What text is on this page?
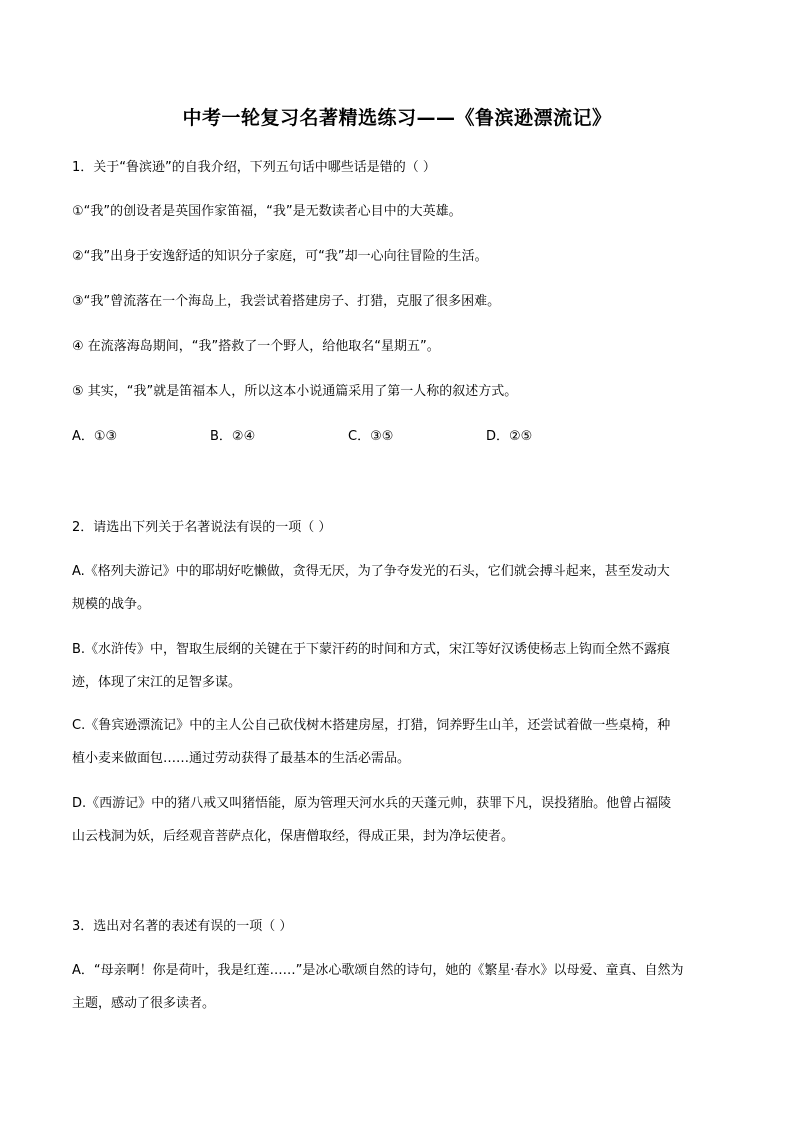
中考一轮复习名著精选练习——《鲁滨逊漂流记》
1．关于“鲁滨逊”的自我介绍，下列五句话中哪些话是错的（ ）
①“我”的创设者是英国作家笛福，“我”是无数读者心目中的大英雄。
②“我”出身于安逸舒适的知识分子家庭，可“我”却一心向往冒险的生活。
③“我”曾流落在一个海岛上，我尝试着搭建房子、打猎，克服了很多困难。
④ 在流落海岛期间，“我”搭救了一个野人，给他取名“星期五”。
⑤ 其实，“我”就是笛福本人，所以这本小说通篇采用了第一人称的叙述方式。
A．①③	B．②④	C．③⑤	D．②⑤
2．请选出下列关于名著说法有误的一项（ ）
A.《格列夫游记》中的耶胡好吃懒做，贪得无厌，为了争夺发光的石头，它们就会搏斗起来，甚至发动大
规模的战争。
B.《水浒传》中，智取生辰纲的关键在于下蒙汗药的时间和方式，宋江等好汉诱使杨志上钩而全然不露痕
迹，体现了宋江的足智多谋。
C.《鲁宾逊漂流记》中的主人公自己砍伐树木搭建房屋，打猎，饲养野生山羊，还尝试着做一些桌椅，种
植小麦来做面包……通过劳动获得了最基本的生活必需品。
D.《西游记》中的猪八戒又叫猪悟能，原为管理天河水兵的天蓬元帅，获罪下凡，误投猪胎。他曾占福陵
山云栈洞为妖，后经观音菩萨点化，保唐僧取经，得成正果，封为净坛使者。
3．选出对名著的表述有误的一项（ ）
A．“母亲啊！你是荷叶，我是红莲……”是冰心歌颂自然的诗句，她的《繁星·春水》以母爱、童真、自然为
主题，感动了很多读者。
